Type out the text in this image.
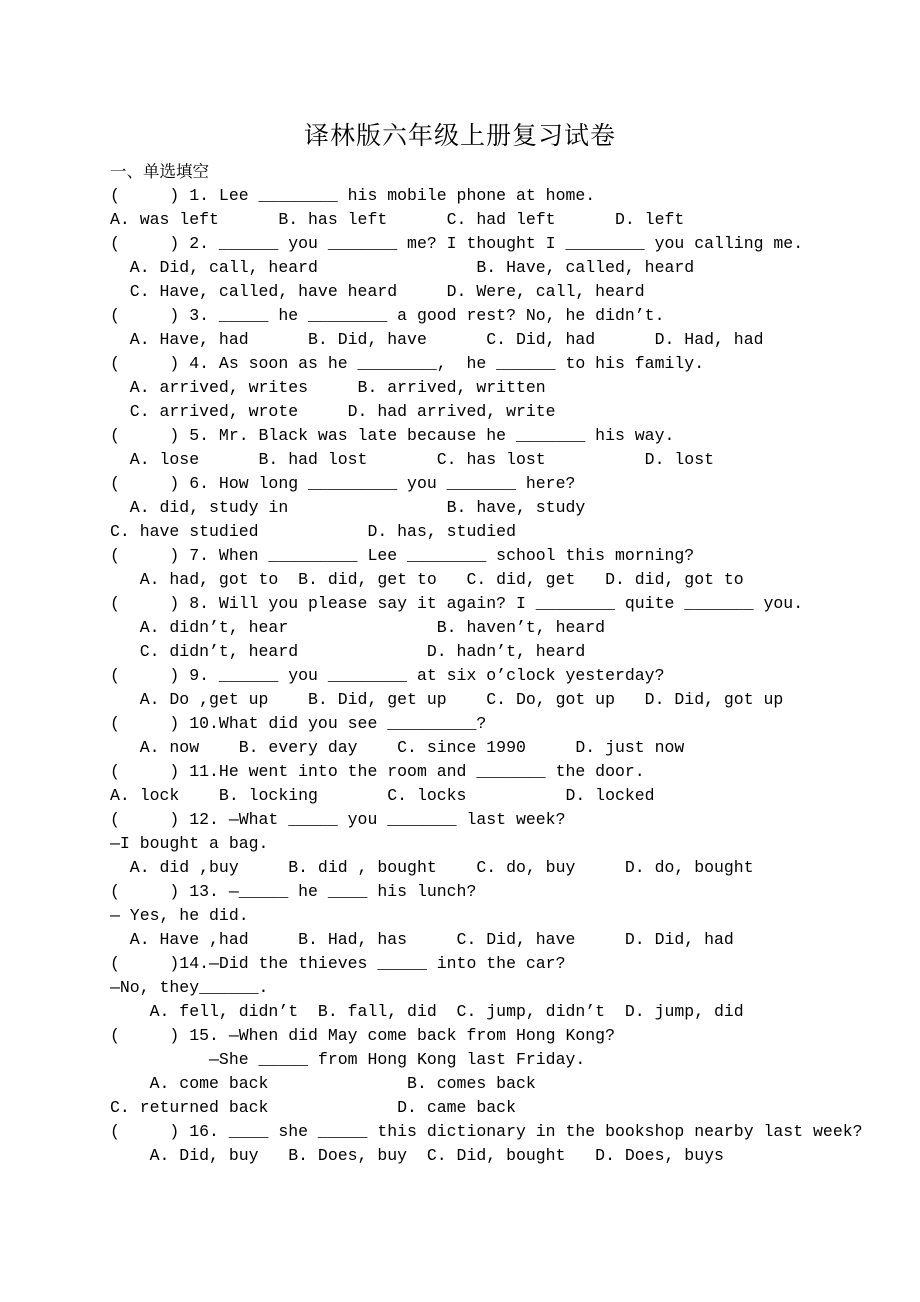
译林版六年级上册复习试卷
一、单选填空
(     ) 1. Lee ________ his mobile phone at home.
A. was left      B. has left      C. had left      D. left
(     ) 2. ______ you _______ me? I thought I ________ you calling me.
A. Did, call, heard                B. Have, called, heard
C. Have, called, have heard     D. Were, call, heard
(     ) 3. _____ he ________ a good rest? No, he didn’t.
A. Have, had      B. Did, have      C. Did, had      D. Had, had
(     ) 4. As soon as he ________,  he ______ to his family.
A. arrived, writes     B. arrived, written
C. arrived, wrote     D. had arrived, write
(     ) 5. Mr. Black was late because he _______ his way.
A. lose      B. had lost       C. has lost          D. lost
(     ) 6. How long _________ you _______ here?
A. did, study in                B. have, study
C. have studied           D. has, studied
(     ) 7. When _________ Lee ________ school this morning?
A. had, got to  B. did, get to   C. did, get   D. did, got to
(     ) 8. Will you please say it again? I ________ quite _______ you.
A. didn’t, hear               B. haven’t, heard
C. didn’t, heard             D. hadn’t, heard
(     ) 9. ______ you ________ at six o’clock yesterday?
A. Do ,get up    B. Did, get up    C. Do, got up   D. Did, got up
(     ) 10.What did you see _________?
A. now    B. every day    C. since 1990     D. just now
(     ) 11.He went into the room and _______ the door.
A. lock    B. locking       C. locks          D. locked
(     ) 12. —What _____ you _______ last week?
—I bought a bag.
A. did ,buy     B. did , bought    C. do, buy     D. do, bought
(     ) 13. —_____ he ____ his lunch?
— Yes, he did.
A. Have ,had     B. Had, has     C. Did, have     D. Did, had
(     )14.—Did the thieves _____ into the car?
—No, they______.
A. fell, didn’t  B. fall, did  C. jump, didn’t  D. jump, did
(     ) 15. —When did May come back from Hong Kong?
—She _____ from Hong Kong last Friday.
A. come back              B. comes back
C. returned back             D. came back
(     ) 16. ____ she _____ this dictionary in the bookshop nearby last week?
A. Did, buy   B. Does, buy  C. Did, bought   D. Does, buys
